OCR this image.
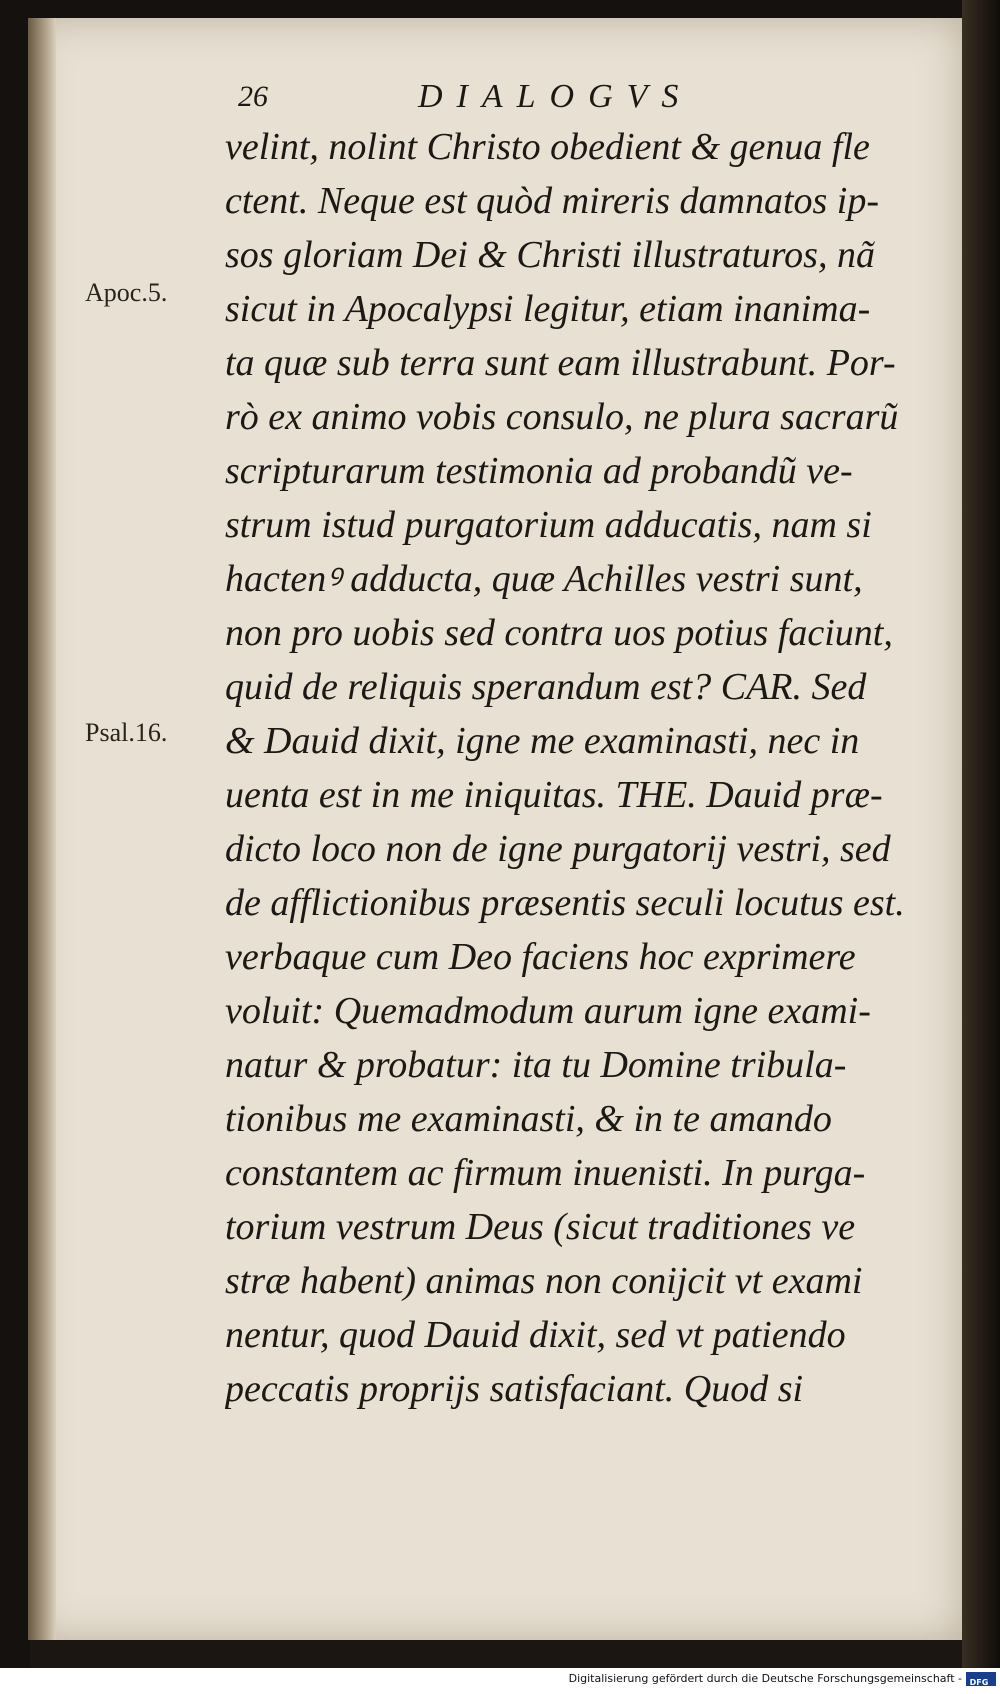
26	DIALOGVS
Apoc.5.
Psal.16.
velint, nolint Christo obedient & genua fle
ctent. Neque est quòd mireris damnatos ip-
sos gloriam Dei & Christi illustraturos, nã
sicut in Apocalypsi legitur, etiam inanima-
ta quæ sub terra sunt eam illustrabunt. Por-
rò ex animo vobis consulo, ne plura sacrarũ
scripturarum testimonia ad probandũ ve-
strum istud purgatorium adducatis, nam si
hactenꝰ adducta, quæ Achilles vestri sunt,
non pro uobis sed contra uos potius faciunt,
quid de reliquis sperandum est? CAR. Sed
& Dauid dixit, igne me examinasti, nec in
uenta est in me iniquitas. THE. Dauid præ-
dicto loco non de igne purgatorij vestri, sed
de afflictionibus præsentis seculi locutus est.
verbaque cum Deo faciens hoc exprimere
voluit: Quemadmodum aurum igne exami-
natur & probatur: ita tu Domine tribula-
tionibus me examinasti, & in te amando
constantem ac firmum inuenisti. In purga-
torium vestrum Deus (sicut traditiones ve
stræ habent) animas non conijcit vt exami
nentur, quod Dauid dixit, sed vt patiendo
peccatis proprijs satisfaciant. Quod si
Digitalisierung gefördert durch die Deutsche Forschungsgemeinschaft - DFG
